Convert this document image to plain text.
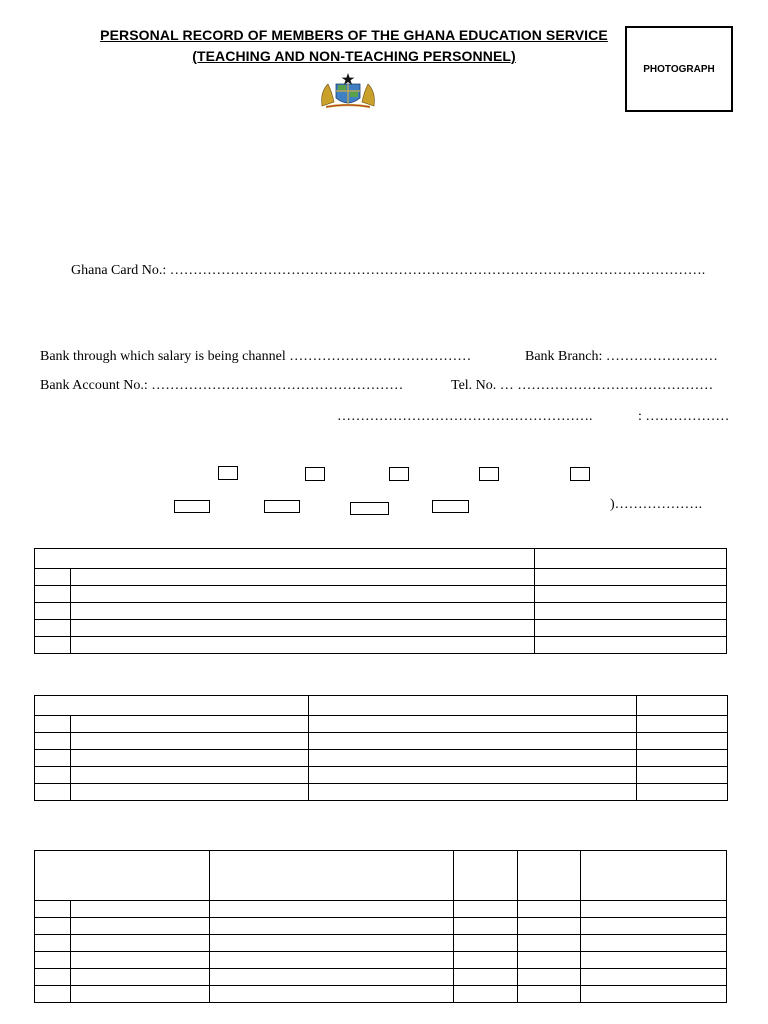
PERSONAL RECORD OF MEMBERS OF THE GHANA EDUCATION SERVICE
(TEACHING AND NON-TEACHING PERSONNEL)
PHOTOGRAPH
Ghana Card No.: …………………………………………………………………………………………………….
Bank through which salary is being channel …………………………………	Bank Branch: ……………………
Bank Account No.: ………………………………………………	Tel. No. … ……………………………………
……………………………………………….	: ………………
)……………….
